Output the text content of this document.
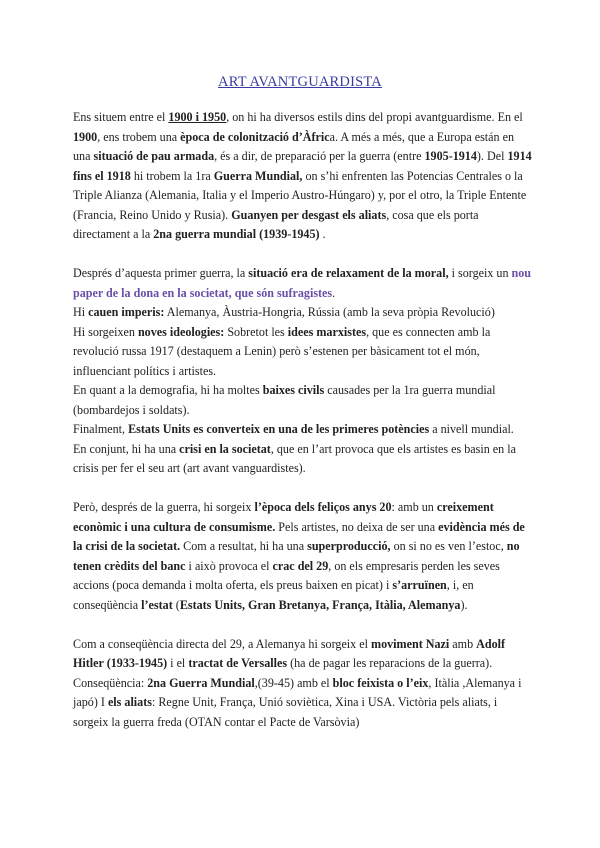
ART AVANTGUARDISTA

Ens situem entre el 1900 i 1950, on hi ha diversos estils dins del propi avantguardisme. En el 1900, ens trobem una època de colonització d’Àfrica. A més a més, que a Europa están en una situació de pau armada, és a dir, de preparació per la guerra (entre 1905-1914). Del 1914 fins el 1918 hi trobem la 1ra Guerra Mundial, on s’hi enfrenten las Potencias Centrales o la Triple Alianza (Alemania, Italia y el Imperio Austro-Húngaro) y, por el otro, la Triple Entente (Francia, Reino Unido y Rusia). Guanyen per desgast els aliats, cosa que els porta directament a la 2na guerra mundial (1939-1945) .

Després d’aquesta primer guerra, la situació era de relaxament de la moral, i sorgeix un nou paper de la dona en la societat, que són sufragistes.

Hi cauen imperis: Alemanya, Àustria-Hongria, Rússia (amb la seva pròpia Revolució)

Hi sorgeixen noves ideologies: Sobretot les idees marxistes, que es connecten amb la revolució russa 1917 (destaquem a Lenin) però s’estenen per bàsicament tot el món, influenciant polítics i artistes.

En quant a la demografia, hi ha moltes baixes civils causades per la 1ra guerra mundial (bombardejos i soldats).

Finalment, Estats Units es converteix en una de les primeres potències a nivell mundial.

En conjunt, hi ha una crisi en la societat, que en l’art provoca que els artistes es basin en la crisis per fer el seu art (art avant vanguardistes).

Però, després de la guerra, hi sorgeix l’època dels feliços anys 20: amb un creixement econòmic i una cultura de consumisme. Pels artistes, no deixa de ser una evidència més de la crisi de la societat. Com a resultat, hi ha una superproducció, on si no es ven l’estoc, no tenen crèdits del banc i això provoca el crac del 29, on els empresaris perden les seves accions (poca demanda i molta oferta, els preus baixen en picat) i s’arruïnen, i, en conseqüència l’estat (Estats Units, Gran Bretanya, França, Itàlia, Alemanya).

Com a conseqüència directa del 29, a Alemanya hi sorgeix el moviment Nazi amb Adolf Hitler (1933-1945) i el tractat de Versalles (ha de pagar les reparacions de la guerra). Conseqüència: 2na Guerra Mundial,(39-45) amb el bloc feixista o l’eix, Itàlia ,Alemanya i japó) I els aliats: Regne Unit, França, Unió soviètica, Xina i USA. Victòria pels aliats, i sorgeix la guerra freda (OTAN contar el Pacte de Varsòvia)
